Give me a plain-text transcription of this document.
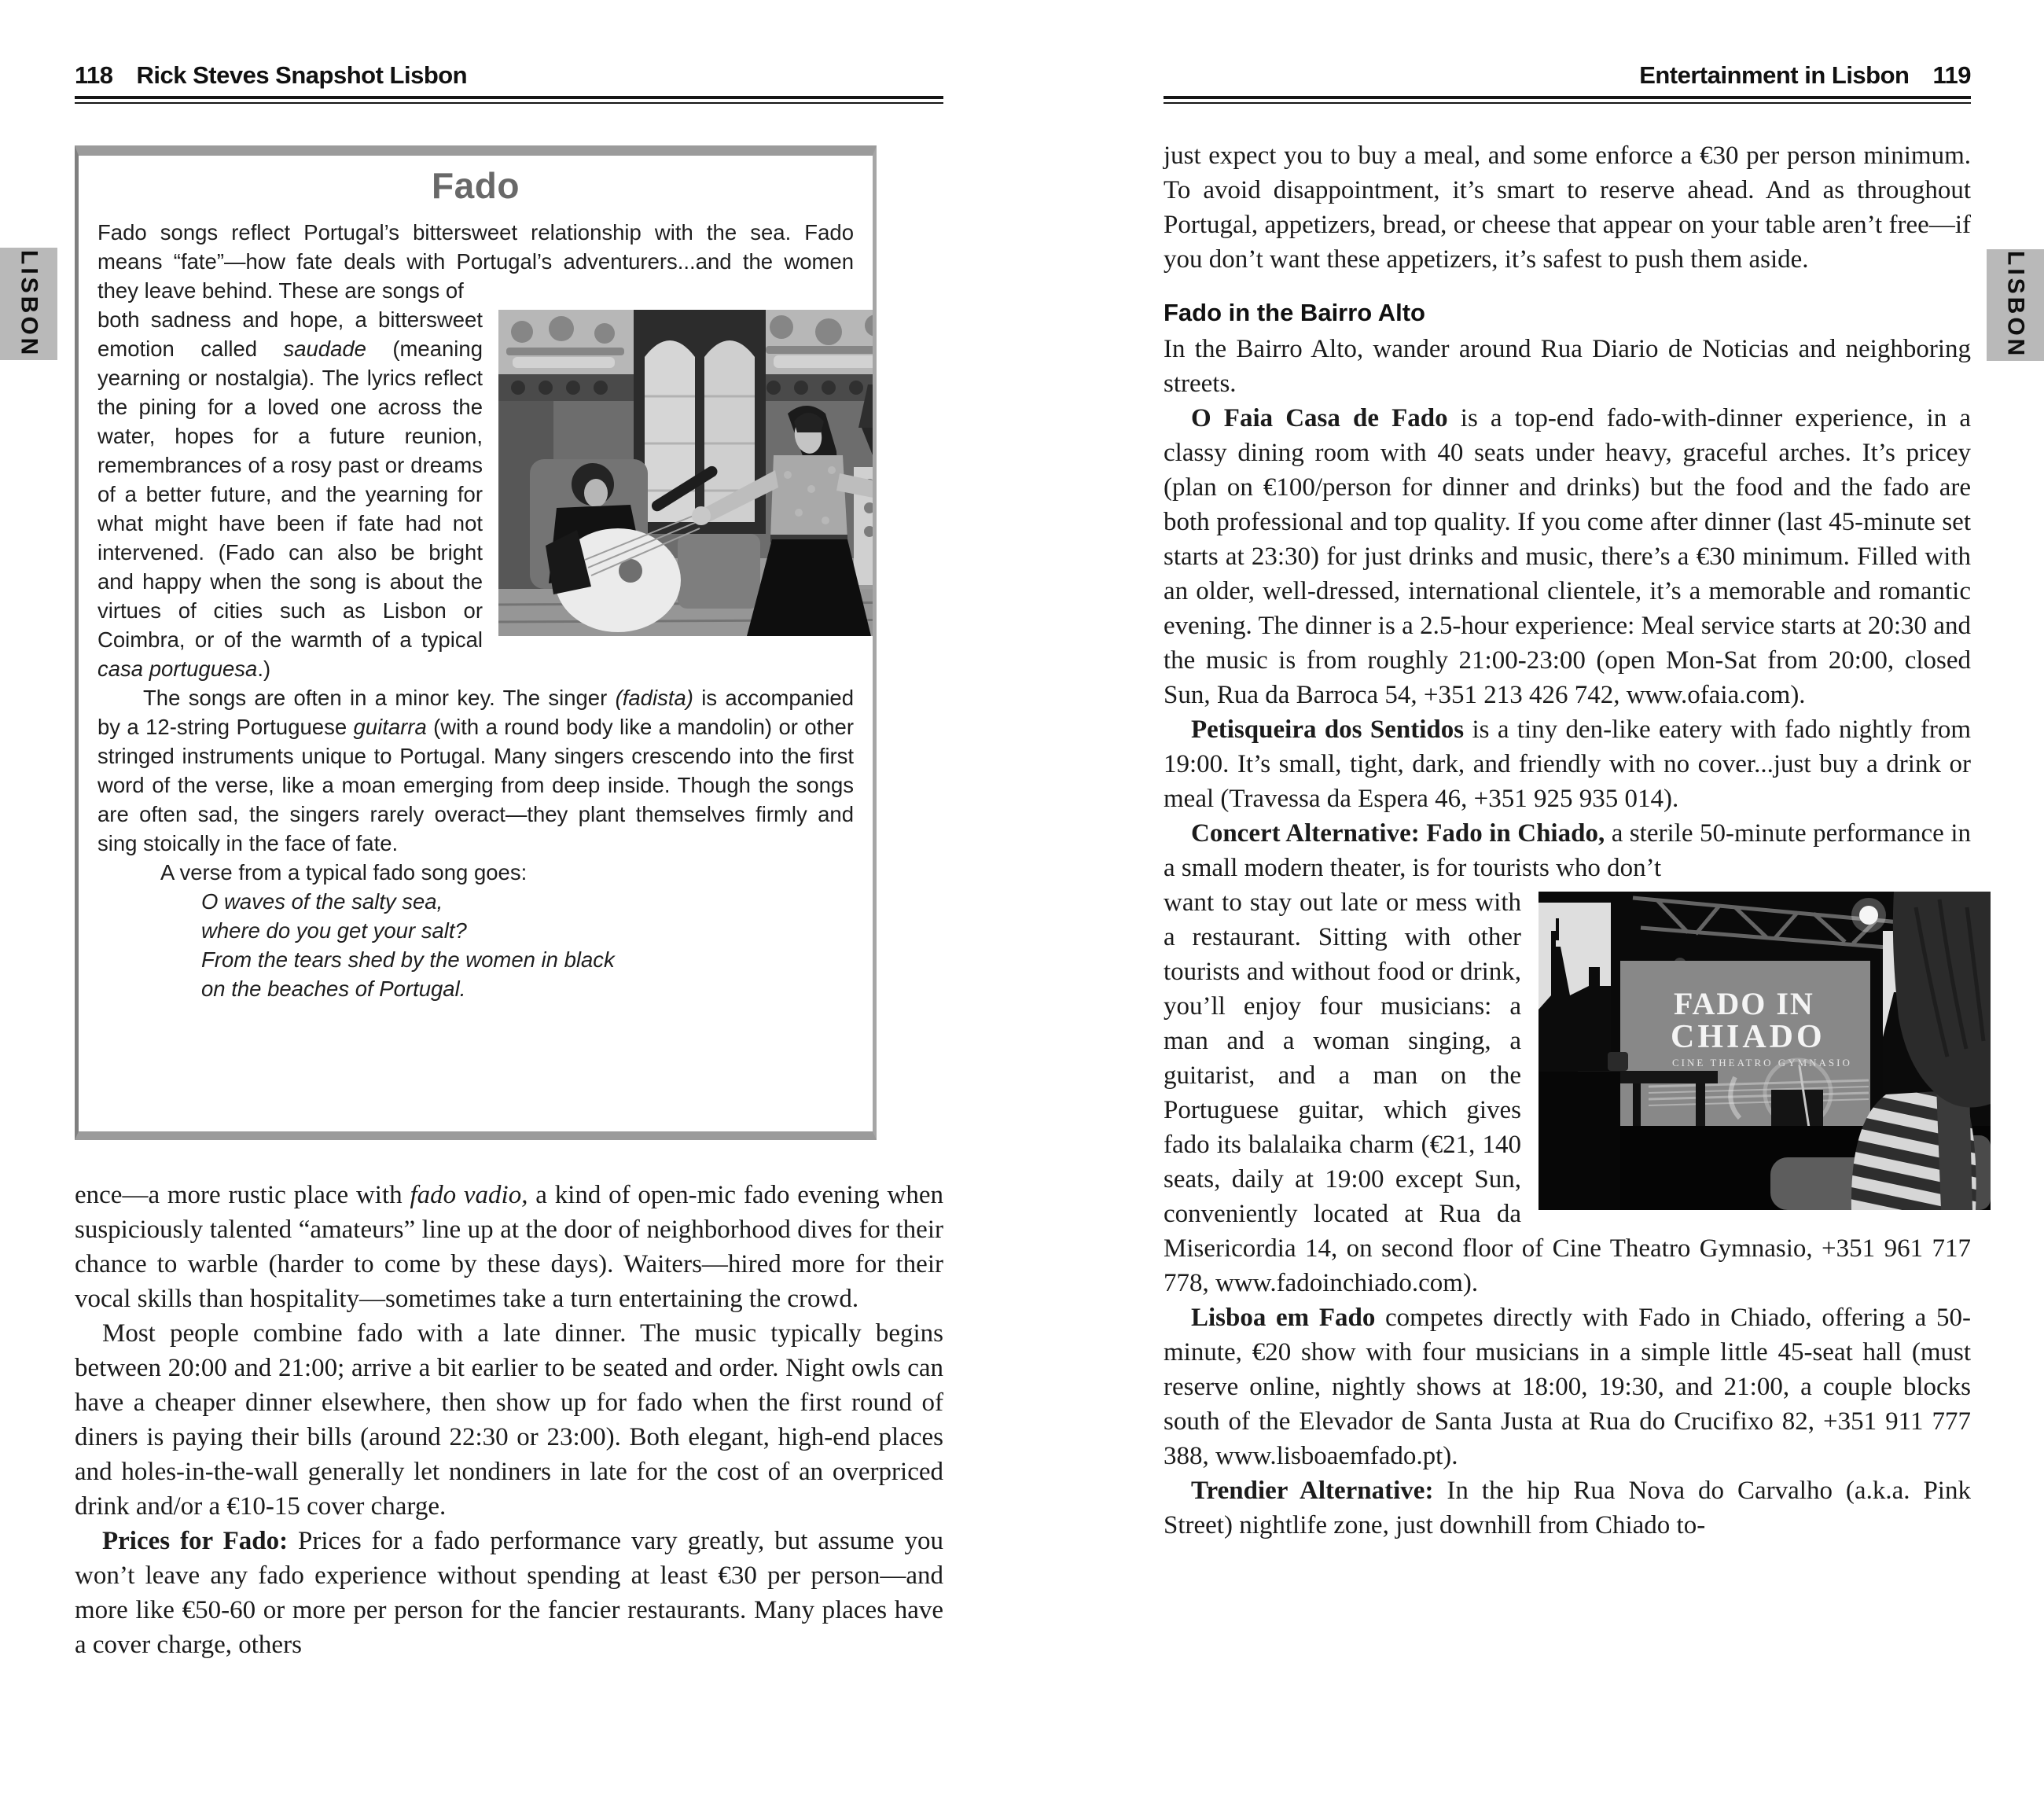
118 Rick Steves Snapshot Lisbon
LISBON
Fado

Fado songs reflect Portugal’s bittersweet relationship with the sea. Fado means “fate”—how fate deals with Portugal’s adventurers...and the women they leave behind. These are songs of

both sadness and hope, a bittersweet emotion called saudade (meaning yearning or nostalgia). The lyrics reflect the pining for a loved one across the water, hopes for a future reunion, remembrances of a rosy past or dreams of a better future, and the yearning for what might have been if fate had not intervened. (Fado can also be bright and happy when the song is about the virtues of cities such as Lisbon or Coimbra, or of the warmth of a typical casa portuguesa.)

The songs are often in a minor key. The singer (fadista) is accompanied by a 12-string Portuguese guitarra (with a round body like a mandolin) or other stringed instruments unique to Portugal. Many singers crescendo into the first word of the verse, like a moan emerging from deep inside. Though the songs are often sad, the singers rarely overact—they plant themselves firmly and sing stoically in the face of fate.

A verse from a typical fado song goes:

O waves of the salty sea,
where do you get your salt?
From the tears shed by the women in black
on the beaches of Portugal.

ence—a more rustic place with fado vadio, a kind of open-mic fado evening when suspiciously talented “amateurs” line up at the door of neighborhood dives for their chance to warble (harder to come by these days). Waiters—hired more for their vocal skills than hospitality—sometimes take a turn entertaining the crowd.

Most people combine fado with a late dinner. The music typically begins between 20:00 and 21:00; arrive a bit earlier to be seated and order. Night owls can have a cheaper dinner elsewhere, then show up for fado when the first round of diners is paying their bills (around 22:30 or 23:00). Both elegant, high-end places and holes-in-the-wall generally let nondiners in late for the cost of an overpriced drink and/or a €10-15 cover charge.

Prices for Fado: Prices for a fado performance vary greatly, but assume you won’t leave any fado experience without spending at least €30 per person—and more like €50-60 or more per person for the fancier restaurants. Many places have a cover charge, others

Entertainment in Lisbon 119
LISBON

just expect you to buy a meal, and some enforce a €30 per person minimum. To avoid disappointment, it’s smart to reserve ahead. And as throughout Portugal, appetizers, bread, or cheese that appear on your table aren’t free—if you don’t want these appetizers, it’s safest to push them aside.

Fado in the Bairro Alto

In the Bairro Alto, wander around Rua Diario de Noticias and neighboring streets.

O Faia Casa de Fado is a top-end fado-with-dinner experience, in a classy dining room with 40 seats under heavy, graceful arches. It’s pricey (plan on €100/person for dinner and drinks) but the food and the fado are both professional and top quality. If you come after dinner (last 45-minute set starts at 23:30) for just drinks and music, there’s a €30 minimum. Filled with an older, well-dressed, international clientele, it’s a memorable and romantic evening. The dinner is a 2.5-hour experience: Meal service starts at 20:30 and the music is from roughly 21:00-23:00 (open Mon-Sat from 20:00, closed Sun, Rua da Barroca 54, +351 213 426 742, www.ofaia.com).

Petisqueira dos Sentidos is a tiny den-like eatery with fado nightly from 19:00. It’s small, tight, dark, and friendly with no cover...just buy a drink or meal (Travessa da Espera 46, +351 925 935 014).

Concert Alternative: Fado in Chiado, a sterile 50-minute performance in a small modern theater, is for tourists who don’t

FADO IN
CHIADO
CINE THEATRO GYMNASIO
want to stay out late or mess with a restaurant. Sitting with other tourists and without food or drink, you’ll enjoy four musicians: a man and a woman singing, a guitarist, and a man on the Portuguese guitar, which gives fado its balalaika charm (€21, 140 seats, daily at 19:00 except Sun, conveniently located at Rua da Misericordia 14, on second floor of Cine Theatro Gymnasio, +351 961 717 778, www.fadoinchiado.com).

Lisboa em Fado competes directly with Fado in Chiado, offering a 50-minute, €20 show with four musicians in a simple little 45-seat hall (must reserve online, nightly shows at 18:00, 19:30, and 21:00, a couple blocks south of the Elevador de Santa Justa at Rua do Crucifixo 82, +351 911 777 388, www.lisboaemfado.pt).

Trendier Alternative: In the hip Rua Nova do Carvalho (a.k.a. Pink Street) nightlife zone, just downhill from Chiado to-
